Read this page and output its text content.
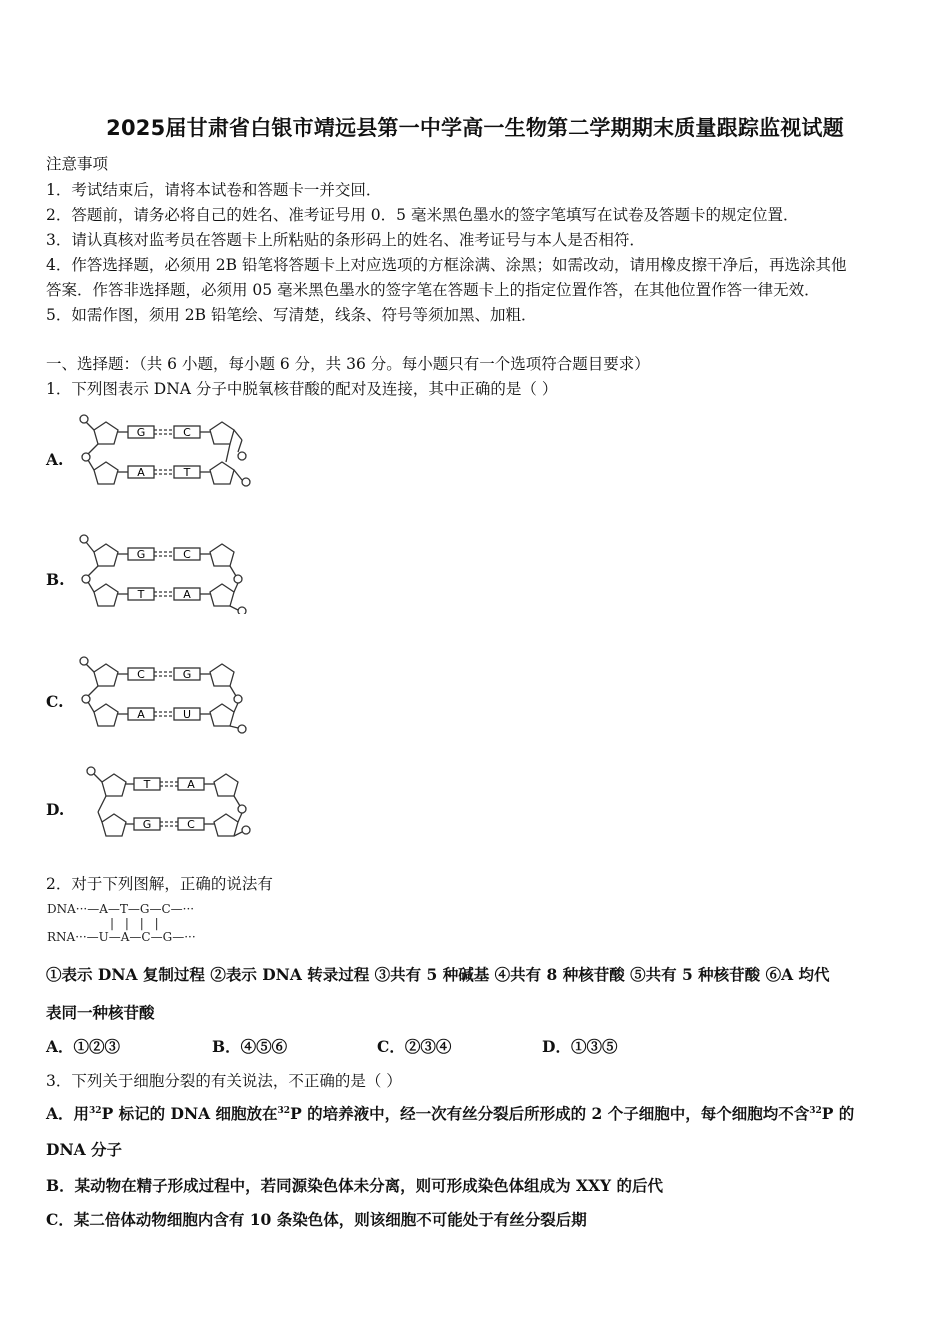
2025届甘肃省白银市靖远县第一中学高一生物第二学期期末质量跟踪监视试题
注意事项
1．考试结束后，请将本试卷和答题卡一并交回．
2．答题前，请务必将自己的姓名、准考证号用 0．5 毫米黑色墨水的签字笔填写在试卷及答题卡的规定位置．
3．请认真核对监考员在答题卡上所粘贴的条形码上的姓名、准考证号与本人是否相符．
4．作答选择题，必须用 2B 铅笔将答题卡上对应选项的方框涂满、涂黑；如需改动，请用橡皮擦干净后，再选涂其他
答案．作答非选择题，必须用 05 毫米黑色墨水的签字笔在答题卡上的指定位置作答，在其他位置作答一律无效．
5．如需作图，须用 2B 铅笔绘、写清楚，线条、符号等须加黑、加粗．
一、选择题：（共 6 小题，每小题 6 分，共 36 分。每小题只有一个选项符合题目要求）
1．下列图表示 DNA 分子中脱氧核苷酸的配对及连接，其中正确的是（ ）
A.
G	C
A	T
B.
G	C
T	A
C.
C	G
A	U
D.
T	A
G	C
2．对于下列图解，正确的说法有
DNA···—A—T—G—C—···
| | | |
RNA···—U—A—C—G—···
①表示 DNA 复制过程 ②表示 DNA 转录过程 ③共有 5 种碱基 ④共有 8 种核苷酸 ⑤共有 5 种核苷酸 ⑥A 均代
表同一种核苷酸
A．①②③	B．④⑤⑥	C．②③④	D．①③⑤
3．下列关于细胞分裂的有关说法，不正确的是（ ）
A．用$^{32}$P 标记的 DNA 细胞放在$^{32}$P 的培养液中，经一次有丝分裂后所形成的 2 个子细胞中，每个细胞均不含$^{32}$P 的
DNA 分子
B．某动物在精子形成过程中，若同源染色体未分离，则可形成染色体组成为 XXY 的后代
C．某二倍体动物细胞内含有 10 条染色体，则该细胞不可能处于有丝分裂后期
